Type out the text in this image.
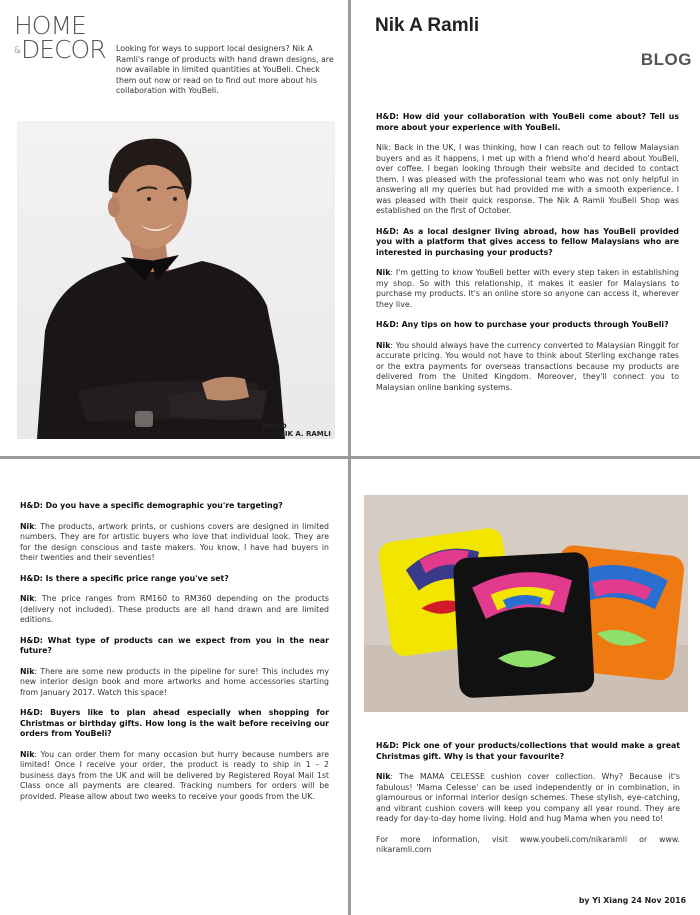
HOME
&DECOR Looking for ways to support local designers? Nik A Ramli's range of products with hand drawn designs, are now available in limited quantities at YouBeli. Check them out now or read on to find out more about his collaboration with YouBeli.
photo
NIK A. RAMLI
Nik A Ramli
BLOG

H&D: How did your collaboration with YouBeli come about? Tell us more about your experience with YouBeli.

Nik: Back in the UK, I was thinking, how I can reach out to fellow Malaysian buyers and as it happens, I met up with a friend who'd heard about YouBeli, over coffee. I began looking through their website and decided to contact them. I was pleased with the professional team who was not only helpful in answering all my queries but had provided me with a smooth experience. I was pleased with their quick response. The Nik A Ramli YouBeli Shop was established on the first of October.

H&D: As a local designer living abroad, how has YouBeli provided you with a platform that gives access to fellow Malaysians who are interested in purchasing your products?

Nik: I'm getting to know YouBeli better with every step taken in establishing my shop. So with this relationship, it makes it easier for Malaysians to purchase my products. It's an online store so anyone can access it, wherever they live.

H&D: Any tips on how to purchase your products through YouBeli?

Nik: You should always have the currency converted to Malaysian Ringgit for accurate pricing. You would not have to think about Sterling exchange rates or the extra payments for overseas transactions because my products are delivered from the United Kingdom. Moreover, they'll connect you to Malaysian online banking systems.

H&D: Do you have a specific demographic you're targeting?

Nik: The products, artwork prints, or cushions covers are designed in limited numbers. They are for artistic buyers who love that individual look. They are for the design conscious and taste makers. You know, I have had buyers in their twenties and their seventies!

H&D: Is there a specific price range you've set?

Nik: The price ranges from RM160 to RM360 depending on the products (delivery not included). These products are all hand drawn and are limited editions.

H&D: What type of products can we expect from you in the near future?

Nik: There are some new products in the pipeline for sure! This includes my new interior design book and more artworks and home accessories starting from January 2017. Watch this space!

H&D: Buyers like to plan ahead especially when shopping for Christmas or birthday gifts. How long is the wait before receiving our orders from YouBeli?

Nik: You can order them for many occasion but hurry because numbers are limited! Once I receive your order, the product is ready to ship in 1 – 2 business days from the UK and will be delivered by Registered Royal Mail 1st Class once all payments are cleared. Tracking numbers for orders will be provided. Please allow about two weeks to receive your goods from the UK.

H&D: Pick one of your products/collections that would make a great Christmas gift. Why is that your favourite?

Nik: The MAMA CELESSE cushion cover collection. Why? Because it's fabulous! 'Mama Celesse' can be used independently or in combination, in glamourous or informal interior design schemes. These stylish, eye-catching, and vibrant cushion covers will keep you company all year round. They are ready for day-to-day home living. Hold and hug Mama when you need to!

For more information, visit www.youbeli.com/nikaramli or www. nikaramli.com

by Yi Xiang 24 Nov 2016
